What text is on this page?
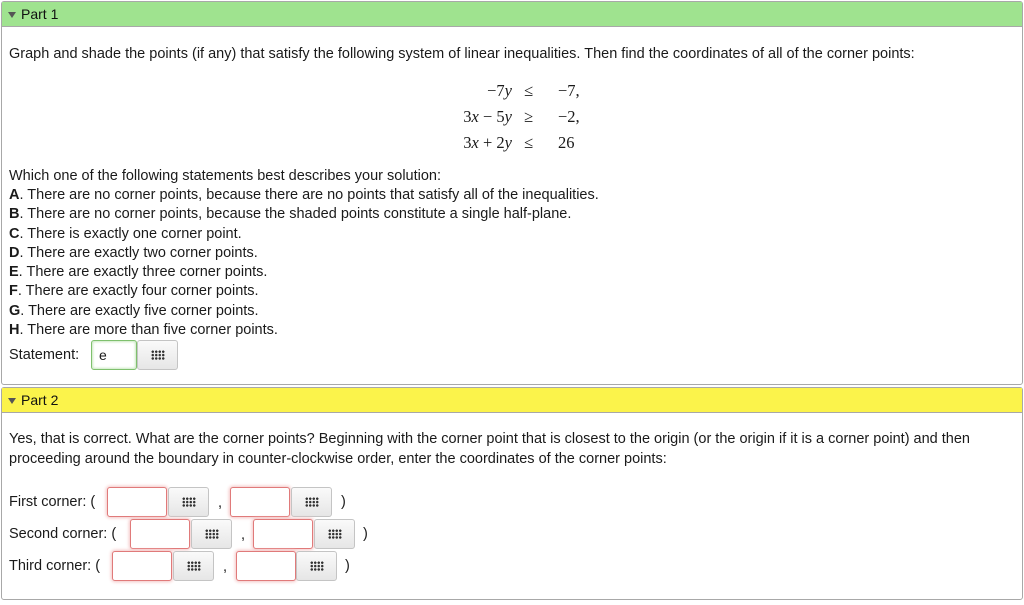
Part 1
Graph and shade the points (if any) that satisfy the following system of linear inequalities. Then find the coordinates of all of the corner points:
−7y ≤ −7,
3x − 5y ≥ −2,
3x + 2y ≤ 26
Which one of the following statements best describes your solution:
A. There are no corner points, because there are no points that satisfy all of the inequalities.
B. There are no corner points, because the shaded points constitute a single half-plane.
C. There is exactly one corner point.
D. There are exactly two corner points.
E. There are exactly three corner points.
F. There are exactly four corner points.
G. There are exactly five corner points.
H. There are more than five corner points.
Statement:	e
Part 2
Yes, that is correct. What are the corner points? Beginning with the corner point that is closest to the origin (or the origin if it is a corner point) and then
proceeding around the boundary in counter-clockwise order, enter the coordinates of the corner points:
First corner: (	,	)
Second corner: (	,	)
Third corner: (	,	)
